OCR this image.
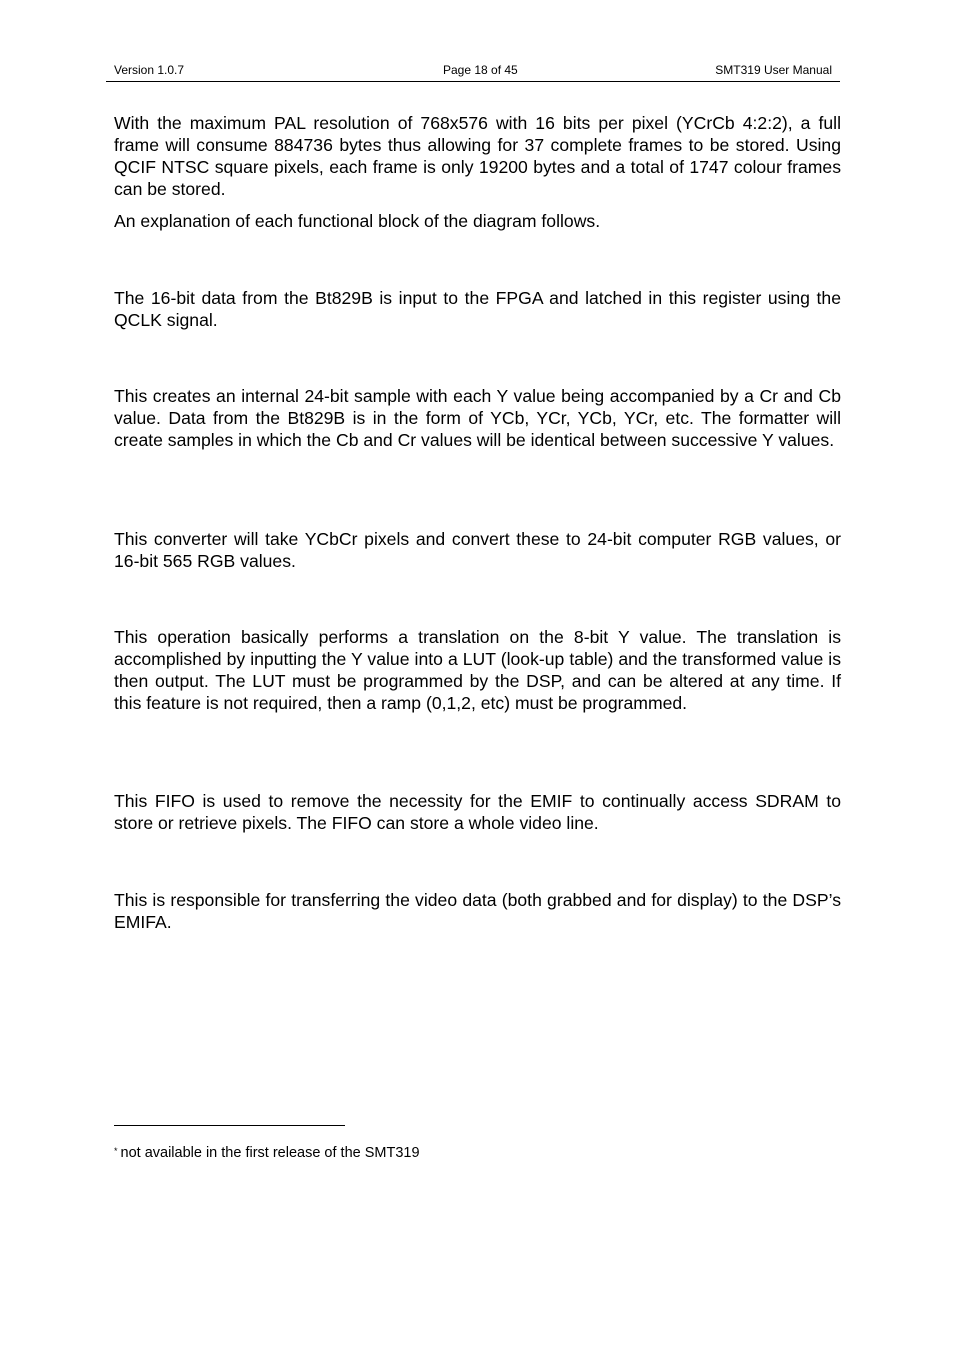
Version 1.0.7	Page 18 of 45	SMT319 User Manual

With the maximum PAL resolution of 768x576 with 16 bits per pixel (YCrCb 4:2:2), a full frame will consume 884736 bytes thus allowing for 37 complete frames to be stored. Using QCIF NTSC square pixels, each frame is only 19200 bytes and a total of 1747 colour frames can be stored.

An explanation of each functional block of the diagram follows.

The 16-bit data from the Bt829B is input to the FPGA and latched in this register using the QCLK signal.

This creates an internal 24-bit sample with each Y value being accompanied by a Cr and Cb value. Data from the Bt829B is in the form of YCb, YCr, YCb, YCr, etc. The formatter will create samples in which the Cb and Cr values will be identical between successive Y values.

This converter will take YCbCr pixels and convert these to 24-bit computer RGB values, or 16-bit 565 RGB values.

This operation basically performs a translation on the 8-bit Y value. The translation is accomplished by inputting the Y value into a LUT (look-up table) and the transformed value is then output. The LUT must be programmed by the DSP, and can be altered at any time. If this feature is not required, then a ramp (0,1,2, etc) must be programmed.

This FIFO is used to remove the necessity for the EMIF to continually access SDRAM to store or retrieve pixels. The FIFO can store a whole video line.

This is responsible for transferring the video data (both grabbed and for display) to the DSP’s EMIFA.

* not available in the first release of the SMT319
